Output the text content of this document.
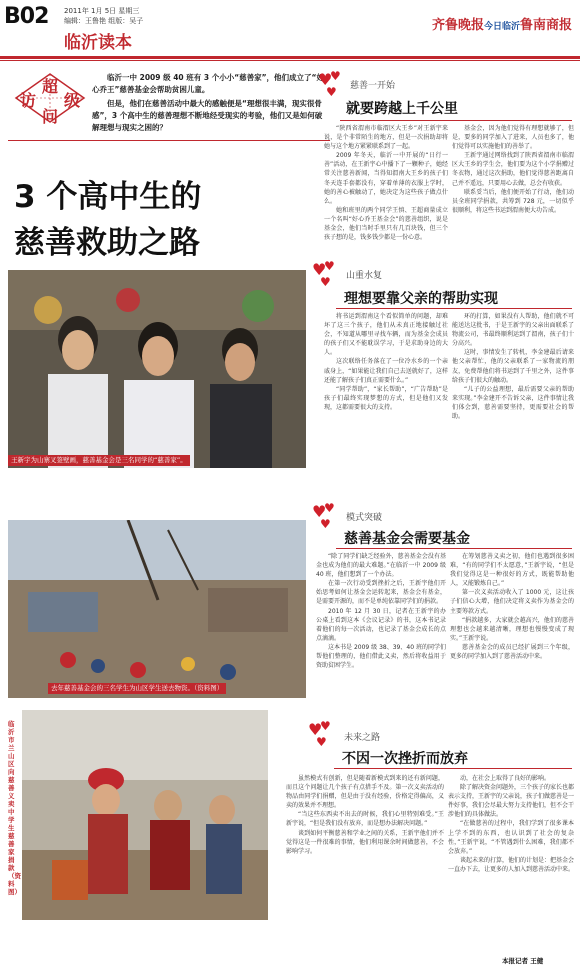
B02 2011年 1月 5日 星期三
编辑：王鲁艳 组版：吴子
临沂读本
齐鲁晚报今日临沂鲁南商报
超
级
访
问

临沂一中 2009 级 40 班有 3 个小小“慈善家”，他们成立了“好心乔王”慈善基金会帮助贫困儿童。

但是，他们在慈善活动中最大的感触便是“理想很丰满，现实很骨感”，3 个高中生的慈善理想不断地经受现实的考验，他们又是如何破解理想与现实之困的？

3 个高中生的
慈善救助之路
王新宇为山寨叉签壁画，慈善基金会是三名同学的“慈善家”。
去年慈善基金会的三名学生为山区学生送去物资。（资料图）
临沂市兰山区向慈善义卖中学生慈善家捐款（资料图）
♥
♥
♥ 慈善一开始
就要跨越上千公里

“陕西省渭南市临渭区大王乡”对王新宇来说，是个非常陌生的地方，但是一次捐助却将她与这个地方紧紧联系到了一起。

2009 年冬天，临沂一中开展的“日行一善”活动，在王新宇心中播下了一颗种子，她经常关注慈善新闻，当得知渭南大王乡的孩子们冬天连手套都没有，穿着单薄的衣服上学时，她的善心被触动了，她决定为这些孩子做点什么。

她和班里的两个同学王慎、王超商量成立一个名叫“好心乔王基金会”的慈善组织，说是基金会，他们当时手里只有几百块钱，但三个孩子想的是，钱多钱少都是一份心意。

基金会，因为他们觉得有理想就够了，但是，要多的同学加入了进来，人员也多了，他们觉得可以实施他们的善举了。

王新宇通过网络找到了陕西省渭南市临渭区大王乡的学生会，他们要为这个小学捐赠过冬衣物，通过这次捐助，他们觉得慈善距离自己并不遥远，只要用心去做，总会有收获。

联系妥当后，他们便开始了行动，他们动员全班同学捐款，共筹到 728 元，一切似乎很顺利，将这些书运到渭南便大功告成。

♥
♥
♥ 山重水复
理想要靠父亲的帮助实现

将书运到渭南这个看似简单的问题，却难坏了这三个孩子，他们从未真正地接触过社会，不知道从哪里寻找车辆，而为基金会成员的孩子们又不能耽误学习，于是求助身边的大人。

这次联络任务落在了一位冷水乡的一个亲戚身上，“如果能让我们自己去送就好了，这样还能了解孩子们真正需要什么。”

“同学帮助”，“家长帮助”，“广告帮助”是孩子们最终实现梦想的方式，但是他们又发现，这都需要很大的支持。

环的打算，如果没有人帮助，他们就不可能送达这批书，于是王新宇的父亲出面联系了物流公司，书最终顺利运到了渭南，孩子们十分高兴。

这时，事情发生了转机，李金建最后请来他父亲帮忙，他的父亲联系了一家物流的朋友，免费帮他们将书运到了千里之外，这件事给孩子们很大的触动。

“儿子的公益理想，最后需要父亲的帮助来实现。”李金建开不告诉父亲，这件事情让我们体会到，慈善需要坚持，更需要社会的帮助。

♥
♥
♥ 模式突破
慈善基金会需要基金

“除了同学们缺乏经验外，慈善基金会没有基金也成为他们的最大难题。”在临沂一中 2009 级 40 班，他们想到了一个办法。

在第一次行动受到挫折之后，王新宇他们开始思考如何让基金会运转起来，基金会有基金，是需要开源的，而不是单纯依靠同学们的捐款。

2010 年 12 月 30 日，记者在王新宇的办公桌上看到这本《会议记录》的书，这本书记录着他们的每一次活动，也记录了基金会成长的点点滴滴。

这本书是 2009 级 38、39、40 班的同学们帮他们整理的，他们借此义卖，然后将收益用于资助贫困学生。

在筹划慈善义卖之初，他们也遇到很多困难，“有的同学们不太愿意，”王新宇说，“但是我们觉得这是一种很好的方式，既能帮助他人，又能锻炼自己。”

第一次义卖活动收入了 1000 元，这让孩子们信心大增，他们决定将义卖作为基金会的主要筹款方式。

“捐款越多，大家就会越高兴，他们的慈善理想也会越来越清晰，理想也慢慢变成了现实。”王新宇说。

慈善基金会的成员已经扩展到三个年级，更多的同学加入到了慈善活动中来。

♥
♥
♥ 未来之路
不因一次挫折而放弃

虽然模式有创新，但是随着新模式到来的还有新问题，而且这个问题让几个孩子有点措手不及。第一次义卖活动的物品由同学们捐赠，但是由于没有经验，价格定得偏高，义卖的效果并不理想。

“当这些东西卖不出去的时候，我们心里特别难受。”王新宇说，“但是我们没有放弃，而是想办法解决问题。”

谈到如何平衡慈善和学业之间的关系，王新宇他们并不觉得这是一件很难的事情，他们利用课余时间做慈善，不会影响学习。

动，在社会上取得了良好的影响。

除了解决资金问题外，三个孩子的家长也都表示支持，王新宇的父亲说，孩子们做慈善是一件好事，我们会尽最大努力支持他们，但不会干涉他们的具体做法。

“在做慈善的过程中，我们学到了很多课本上学不到的东西，也认识到了社会的复杂性，”王新宇说，“不管遇到什么困难，我们都不会放弃。”

谈起未来的打算，他们的计划是：把基金会一直办下去，让更多的人加入到慈善活动中来。

本报记者 王健
